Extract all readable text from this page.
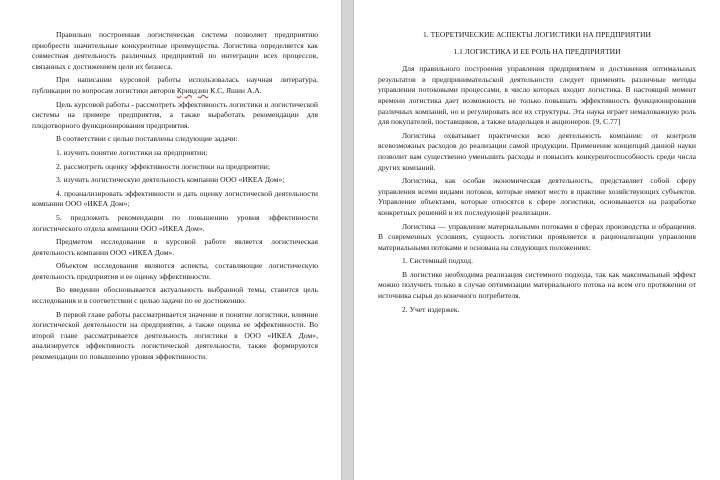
Правильно построенная логистическая система позволяет предприятию приобрести значительные конкурентные преимущества. Логистика определяется как совместная деятельность различных предприятий по интеграции всех процессов, связанных с достижением цели их бизнеса.

При написании курсовой работы использовалась научная литература, публикации по вопросам логистики авторов Кривдзин К.С, Яшин А.А.

Цель курсовой работы - рассмотреть эффективность логистики и логистической системы на примере предприятия, а также выработать рекомендации для плодотворного функционирования предприятия.

В соответствии с целью поставлены следующие задачи:

1. изучить понятие логистики на предприятии;

2. рассмотреть оценку эффективности логистики на предприятии;

3. изучить логистическую деятельность компании ООО «ИКЕА Дом»;

4. проанализировать эффективности и дать оценку логистической деятельности компании ООО «ИКЕА Дом»;

5. предложить рекомендации по повышению уровня эффективности логистического отдела компании ООО «ИКЕА Дом».

Предметом исследования в курсовой работе является логистическая деятельность компании ООО «ИКЕА Дом».

Объектом исследования являются аспекты, составляющие логистическую деятельность предприятия и ее оценку эффективности.

Во введении обосновывается актуальность выбранной темы, ставится цель исследования и в соответствии с целью задачи по ее достижению.

В первой главе работы рассматривается значение и понятие логистики, влияние логистической деятельности на предприятии, а также оценка ее эффективности. Во второй главе рассматривается деятельность логистики в ООО «ИКЕА Дом», анализируется эффективность логистической деятельности, также формируются рекомендации по повышению уровня эффективности.

1. ТЕОРЕТИЧЕСКИЕ АСПЕКТЫ ЛОГИСТИКИ НА ПРЕДПРИЯТИИ

1.1 ЛОГИСТИКА И ЕЕ РОЛЬ НА ПРЕДПРИЯТИИ

Для правильного построения управления предприятием и достижения оптимальных результатов в предпринимательской деятельности следует применять различные методы управления потоковыми процессами, в число которых входит логистика. В настоящий момент времени логистика дает возможность не только повышать эффективность функционирования различных компаний, но и регулировать все их структуры. Эта наука играет немаловажную роль для покупателей, поставщиков, а также владельцев и акционеров. [9, С.77]

Логистика охватывает практически всю деятельность компании: от контроля всевозможных расходов до реализации самой продукции. Применение концепций данной науки позволит вам существенно уменьшить расходы и повысить конкурентоспособность среди числа других компаний.

Логистика, как особая экономическая деятельность, представляет собой сферу управления всеми видами потоков, которые имеют место в практике хозяйствующих субъектов. Управление объектами, которые относятся к сфере логистики, основывается на разработке конкретных решений и их последующей реализации.

Логистика — управление материальными потоками в сферах производства и обращения. В современных условиях, сущность логистики проявляется в рационализации управления материальными потоками и основана на следующих положениях:

1. Системный подход.

В логистике необходима реализация системного подхода, так как максимальный эффект можно получить только в случае оптимизации материального потока на всем его протяжении от источника сырья до конечного потребителя.

2. Учет издержек.
